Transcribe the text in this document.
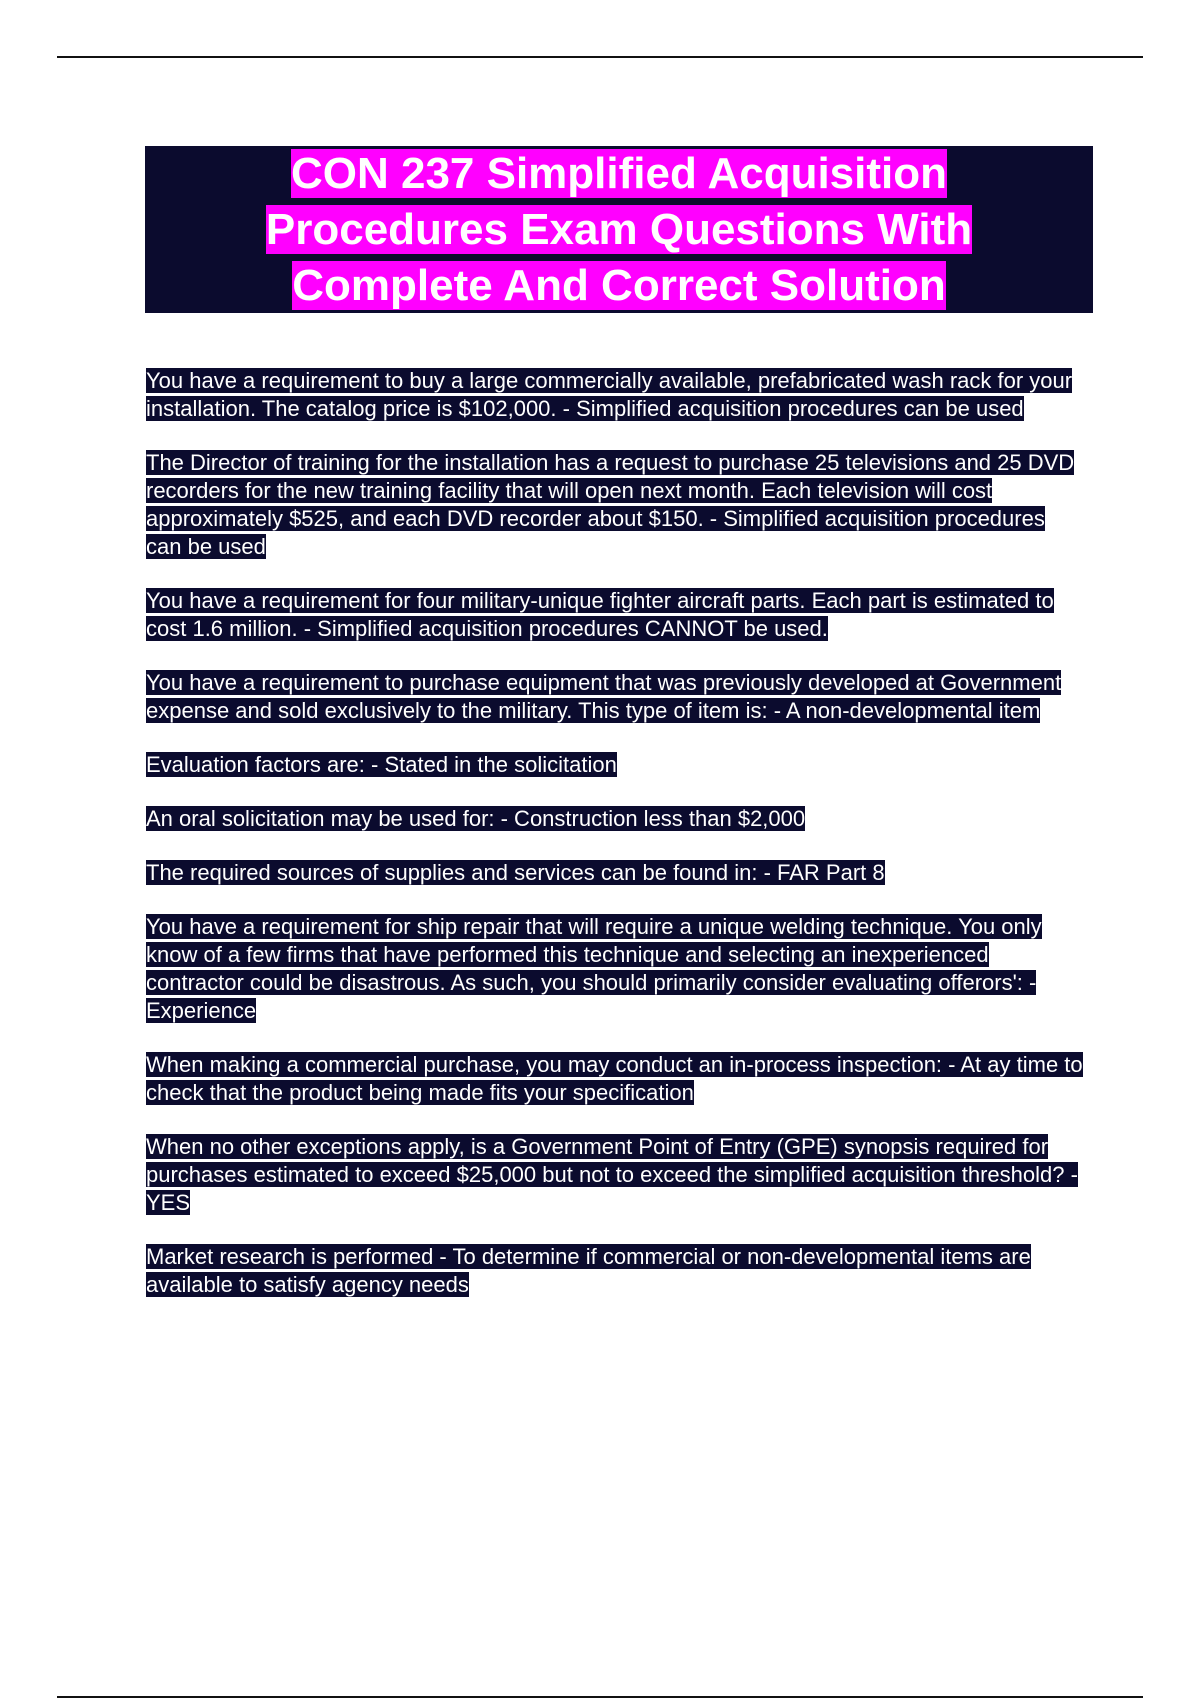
CON 237 Simplified Acquisition
Procedures Exam Questions With
Complete And Correct Solution

You have a requirement to buy a large commercially available, prefabricated wash rack for your installation. The catalog price is $102,000. - Simplified acquisition procedures can be used

The Director of training for the installation has a request to purchase 25 televisions and 25 DVD recorders for the new training facility that will open next month. Each television will cost approximately $525, and each DVD recorder about $150. - Simplified acquisition procedures can be used

You have a requirement for four military-unique fighter aircraft parts. Each part is estimated to cost 1.6 million. - Simplified acquisition procedures CANNOT be used.

You have a requirement to purchase equipment that was previously developed at Government expense and sold exclusively to the military. This type of item is: - A non-developmental item

Evaluation factors are: - Stated in the solicitation

An oral solicitation may be used for: - Construction less than $2,000

The required sources of supplies and services can be found in: - FAR Part 8

You have a requirement for ship repair that will require a unique welding technique. You only know of a few firms that have performed this technique and selecting an inexperienced contractor could be disastrous. As such, you should primarily consider evaluating offerors': - Experience

When making a commercial purchase, you may conduct an in-process inspection: - At ay time to check that the product being made fits your specification

When no other exceptions apply, is a Government Point of Entry (GPE) synopsis required for purchases estimated to exceed $25,000 but not to exceed the simplified acquisition threshold? - YES

Market research is performed - To determine if commercial or non-developmental items are available to satisfy agency needs
